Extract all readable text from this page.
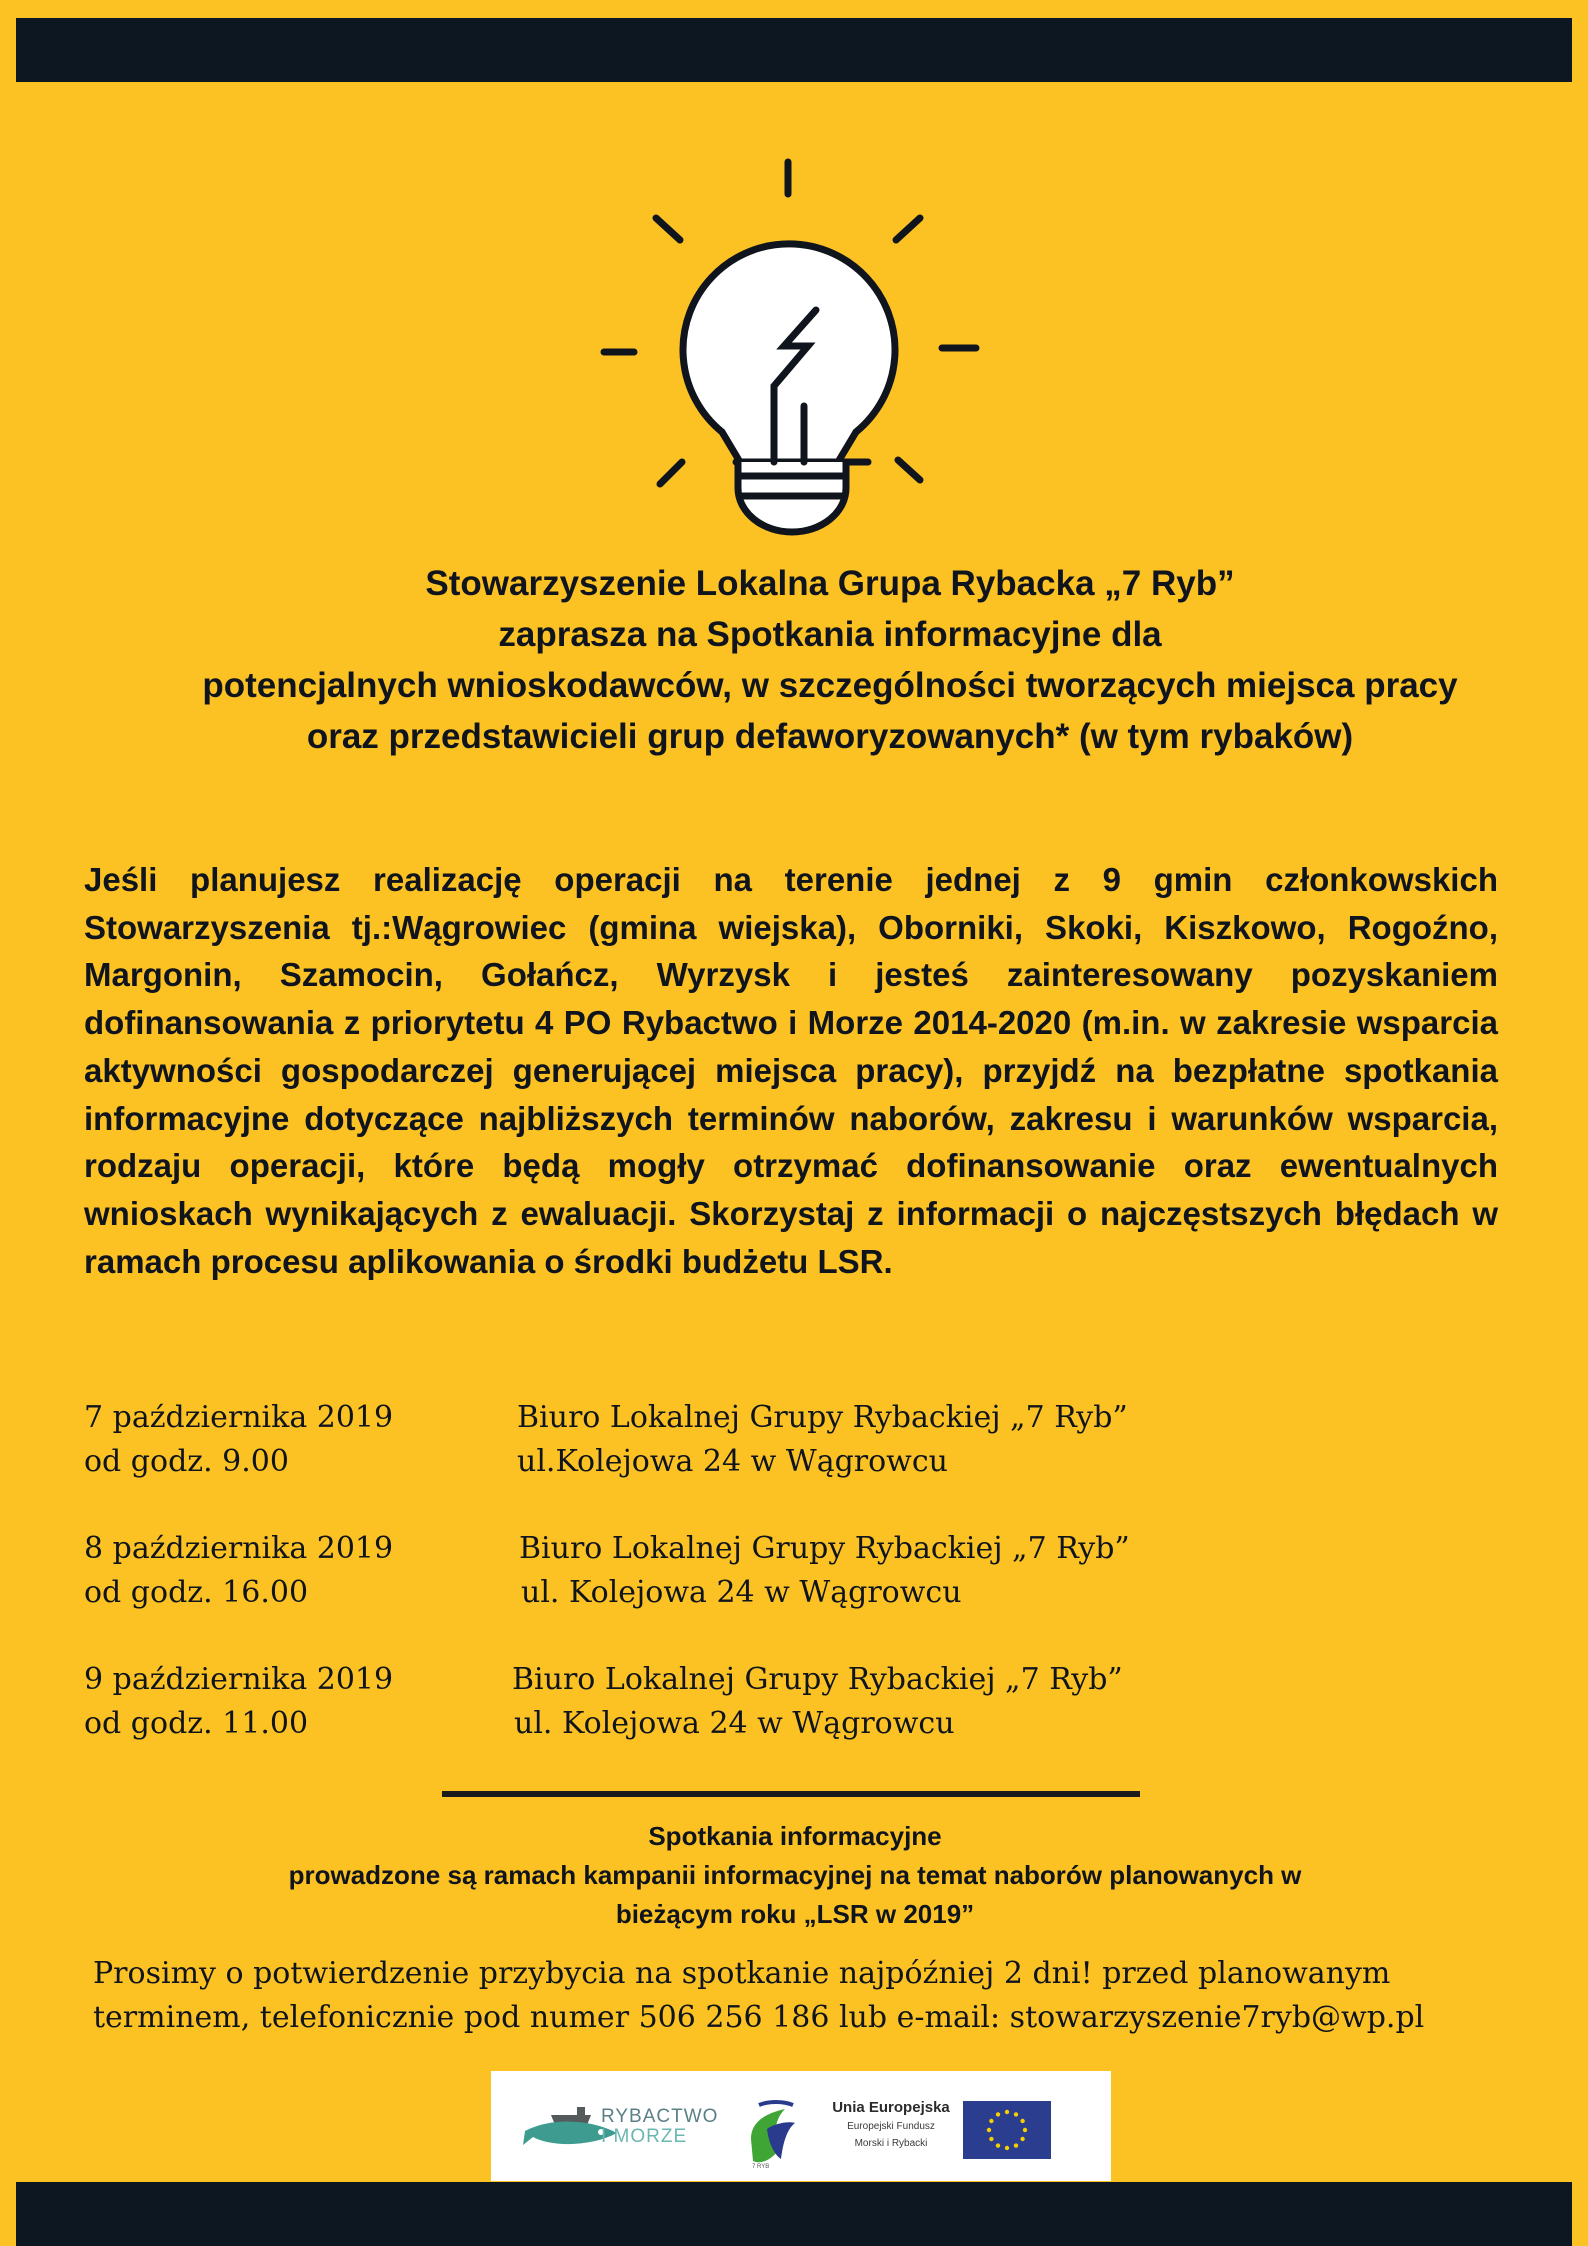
Stowarzyszenie Lokalna Grupa Rybacka „7 Ryb”
zaprasza na Spotkania informacyjne dla
potencjalnych wnioskodawców, w szczególności tworzących miejsca pracy
oraz przedstawicieli grup defaworyzowanych* (w tym rybaków)
Jeśli planujesz realizację operacji na terenie jednej z 9 gmin członkowskich Stowarzyszenia tj.:Wągrowiec (gmina wiejska), Oborniki, Skoki, Kiszkowo, Rogoźno, Margonin, Szamocin, Gołańcz, Wyrzysk i jesteś zainteresowany pozyskaniem dofinansowania z priorytetu 4 PO Rybactwo i Morze 2014-2020 (m.in. w zakresie wsparcia aktywności gospodarczej generującej miejsca pracy), przyjdź na bezpłatne spotkania informacyjne dotyczące najbliższych terminów naborów, zakresu i warunków wsparcia, rodzaju operacji, które będą mogły otrzymać dofinansowanie oraz ewentualnych wnioskach wynikających z ewaluacji. Skorzystaj z informacji o najczęstszych błędach w ramach procesu aplikowania o środki budżetu LSR.
7 października 2019
od godz. 9.00
Biuro Lokalnej Grupy Rybackiej „7 Ryb”
ul.Kolejowa 24 w Wągrowcu
8 października 2019
od godz. 16.00
Biuro Lokalnej Grupy Rybackiej „7 Ryb”
ul. Kolejowa 24 w Wągrowcu
9 października 2019
od godz. 11.00
Biuro Lokalnej Grupy Rybackiej „7 Ryb”
ul. Kolejowa 24 w Wągrowcu
Spotkania informacyjne
prowadzone są ramach kampanii informacyjnej na temat naborów planowanych w
bieżącym roku „LSR w 2019”
Prosimy o potwierdzenie przybycia na spotkanie najpóźniej 2 dni! przed planowanym
terminem, telefonicznie pod numer 506 256 186 lub e-mail: stowarzyszenie7ryb@wp.pl
RYBACTWO
I MORZE
7 RYB
Unia Europejska
Europejski Fundusz
Morski i Rybacki
